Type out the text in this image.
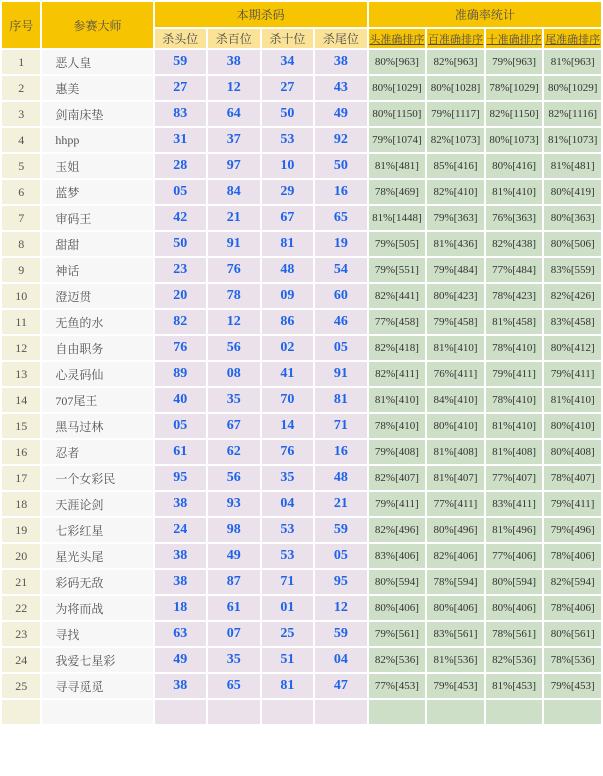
序号	参赛大师	本期杀码				准确率统计			
		杀头位	杀百位	杀十位	杀尾位	头准确排序	百准确排序	十准确排序	尾准确排序
1	恶人皇	59	38	34	38	80%[963]	82%[963]	79%[963]	81%[963]
2	惠美	27	12	27	43	80%[1029]	80%[1028]	78%[1029]	80%[1029]
3	剑南床垫	83	64	50	49	80%[1150]	79%[1117]	82%[1150]	82%[1116]
4	hhpp	31	37	53	92	79%[1074]	82%[1073]	80%[1073]	81%[1073]
5	玉姐	28	97	10	50	81%[481]	85%[416]	80%[416]	81%[481]
6	蓝梦	05	84	29	16	78%[469]	82%[410]	81%[410]	80%[419]
7	审码王	42	21	67	65	81%[1448]	79%[363]	76%[363]	80%[363]
8	甜甜	50	91	81	19	79%[505]	81%[436]	82%[438]	80%[506]
9	神话	23	76	48	54	79%[551]	79%[484]	77%[484]	83%[559]
10	澄迈贯	20	78	09	60	82%[441]	80%[423]	78%[423]	82%[426]
11	无鱼的水	82	12	86	46	77%[458]	79%[458]	81%[458]	83%[458]
12	自由职务	76	56	02	05	82%[418]	81%[410]	78%[410]	80%[412]
13	心灵码仙	89	08	41	91	82%[411]	76%[411]	79%[411]	79%[411]
14	707尾王	40	35	70	81	81%[410]	84%[410]	78%[410]	81%[410]
15	黑马过林	05	67	14	71	78%[410]	80%[410]	81%[410]	80%[410]
16	忍者	61	62	76	16	79%[408]	81%[408]	81%[408]	80%[408]
17	一个女彩民	95	56	35	48	82%[407]	81%[407]	77%[407]	78%[407]
18	天涯论剑	38	93	04	21	79%[411]	77%[411]	83%[411]	79%[411]
19	七彩红星	24	98	53	59	82%[496]	80%[496]	81%[496]	79%[496]
20	星光头尾	38	49	53	05	83%[406]	82%[406]	77%[406]	78%[406]
21	彩码无敌	38	87	71	95	80%[594]	78%[594]	80%[594]	82%[594]
22	为将而战	18	61	01	12	80%[406]	80%[406]	80%[406]	78%[406]
23	寻找	63	07	25	59	79%[561]	83%[561]	78%[561]	80%[561]
24	我爱七星彩	49	35	51	04	82%[536]	81%[536]	82%[536]	78%[536]
25	寻寻觅觅	38	65	81	47	77%[453]	79%[453]	81%[453]	79%[453]
